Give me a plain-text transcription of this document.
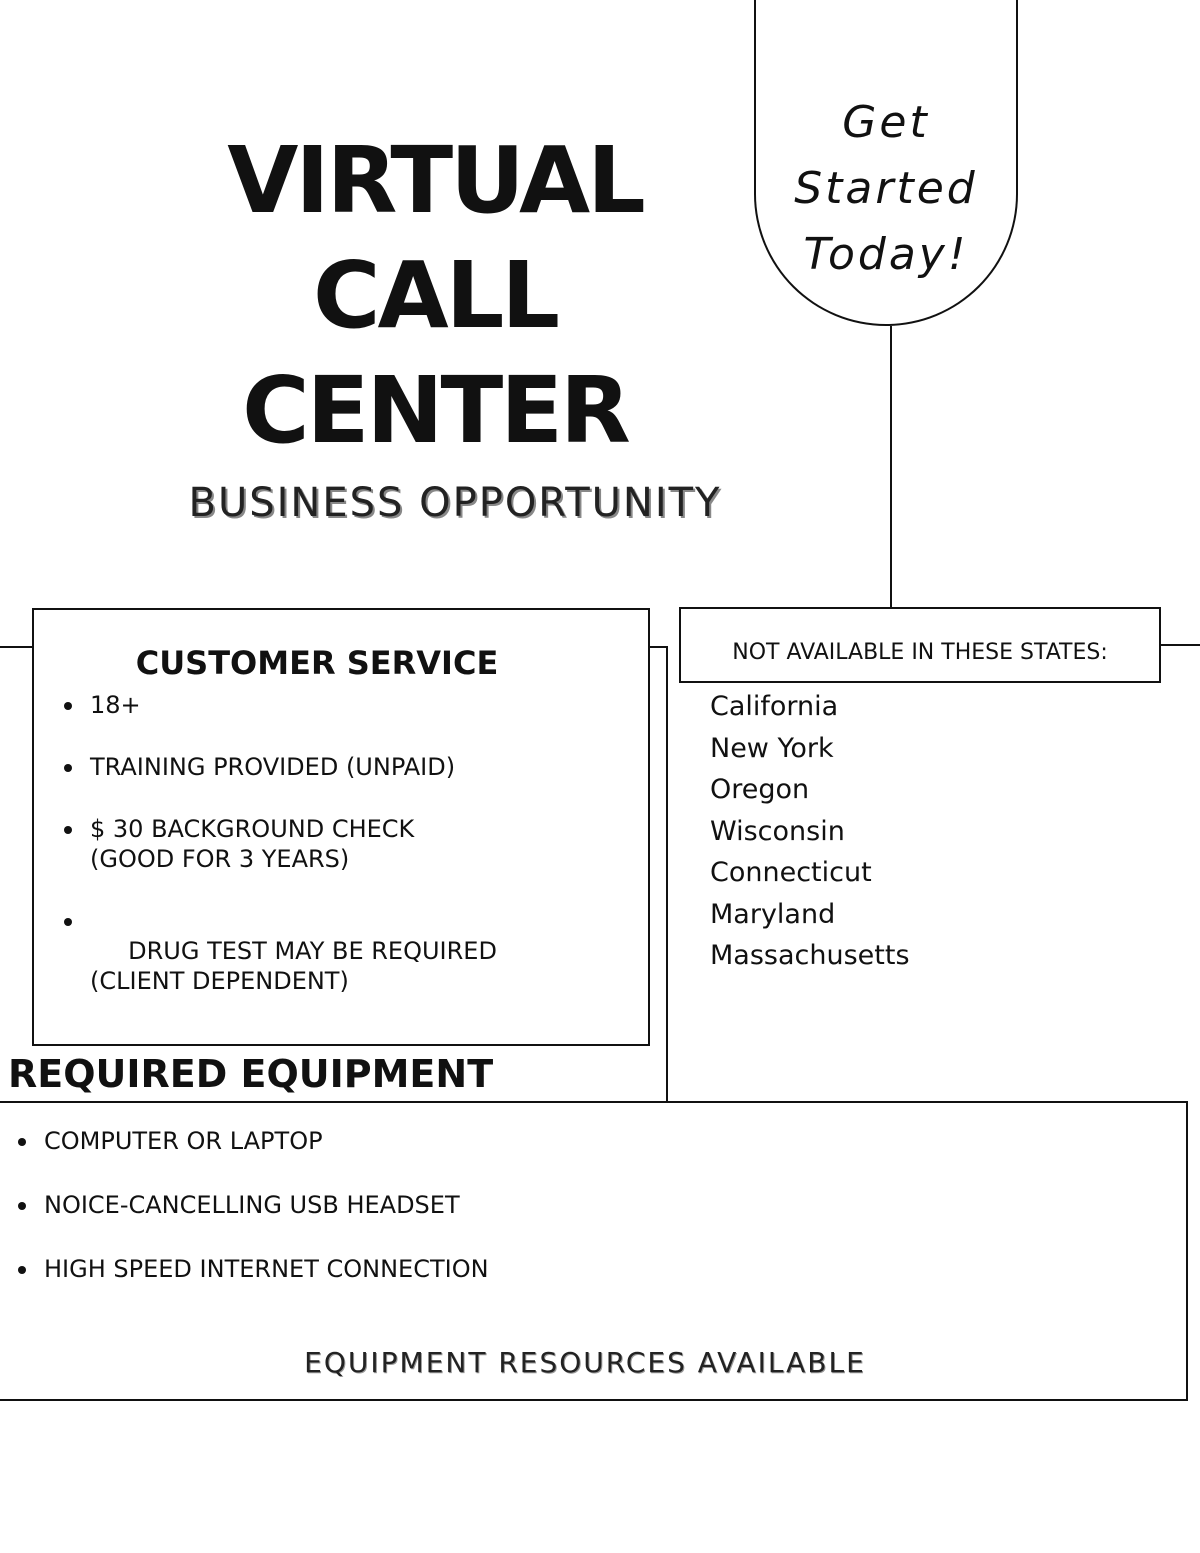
VIRTUAL
CALL
CENTER
BUSINESS OPPORTUNITY
Get
Started
Today!
CUSTOMER SERVICE
18+
TRAINING PROVIDED (UNPAID)
$ 30 BACKGROUND CHECK
(GOOD FOR 3 YEARS)

DRUG TEST MAY BE REQUIRED
(CLIENT DEPENDENT)

NOT AVAILABLE IN THESE STATES:
California
New York
Oregon
Wisconsin
Connecticut
Maryland
Massachusetts
REQUIRED EQUIPMENT
COMPUTER OR LAPTOP
NOICE-CANCELLING USB HEADSET
HIGH SPEED INTERNET CONNECTION
EQUIPMENT RESOURCES AVAILABLE
